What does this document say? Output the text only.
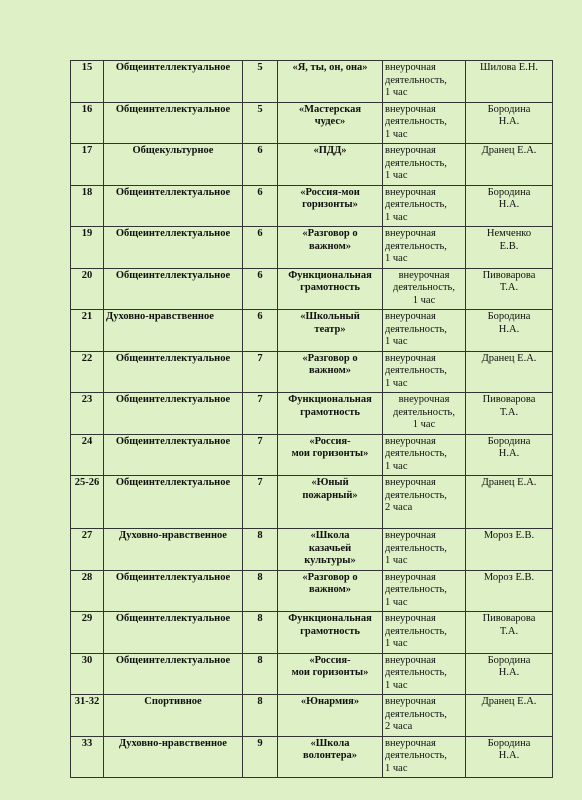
15	Общеинтеллектуальное	5	«Я, ты, он, она»	внеурочная
деятельность,
1 час	Шилова Е.Н.

16	Общеинтеллектуальное	5	«Мастерская
чудес»	внеурочная
деятельность,
1 час	Бородина
Н.А.

17	Общекультурное	6	«ПДД»	внеурочная
деятельность,
1 час	Дранец Е.А.

18	Общеинтеллектуальное	6	«Россия-мои
горизонты»	внеурочная
деятельность,
1 час	Бородина
Н.А.

19	Общеинтеллектуальное	6	«Разговор о
важном»	внеурочная
деятельность,
1 час	Немченко
Е.В.

20	Общеинтеллектуальное	6	Функциональная
грамотность	внеурочная
деятельность,
1 час	Пивоварова
Т.А.

21	Духовно-нравственное	6	«Школьный
театр»	внеурочная
деятельность,
1 час	Бородина
Н.А.

22	Общеинтеллектуальное	7	«Разговор о
важном»	внеурочная
деятельность,
1 час	Дранец Е.А.

23	Общеинтеллектуальное	7	Функциональная
грамотность	внеурочная
деятельность,
1 час	Пивоварова
Т.А.

24	Общеинтеллектуальное	7	«Россия-
мои горизонты»	внеурочная
деятельность,
1 час	Бородина
Н.А.

25-26	Общеинтеллектуальное	7	«Юный
пожарный»	внеурочная
деятельность,
2 часа	Дранец Е.А.

27	Духовно-нравственное	8	«Школа
казачьей
культуры»	внеурочная
деятельность,
1 час	Мороз Е.В.

28	Общеинтеллектуальное	8	«Разговор о
важном»	внеурочная
деятельность,
1 час	Мороз Е.В.

29	Общеинтеллектуальное	8	Функциональная
грамотность	внеурочная
деятельность,
1 час	Пивоварова
Т.А.

30	Общеинтеллектуальное	8	«Россия-
мои горизонты»	внеурочная
деятельность,
1 час	Бородина
Н.А.

31-32	Спортивное	8	«Юнармия»	внеурочная
деятельность,
2 часа	Дранец Е.А.

33	Духовно-нравственное	9	«Школа
волонтера»	внеурочная
деятельность,
1 час	Бородина
Н.А.
